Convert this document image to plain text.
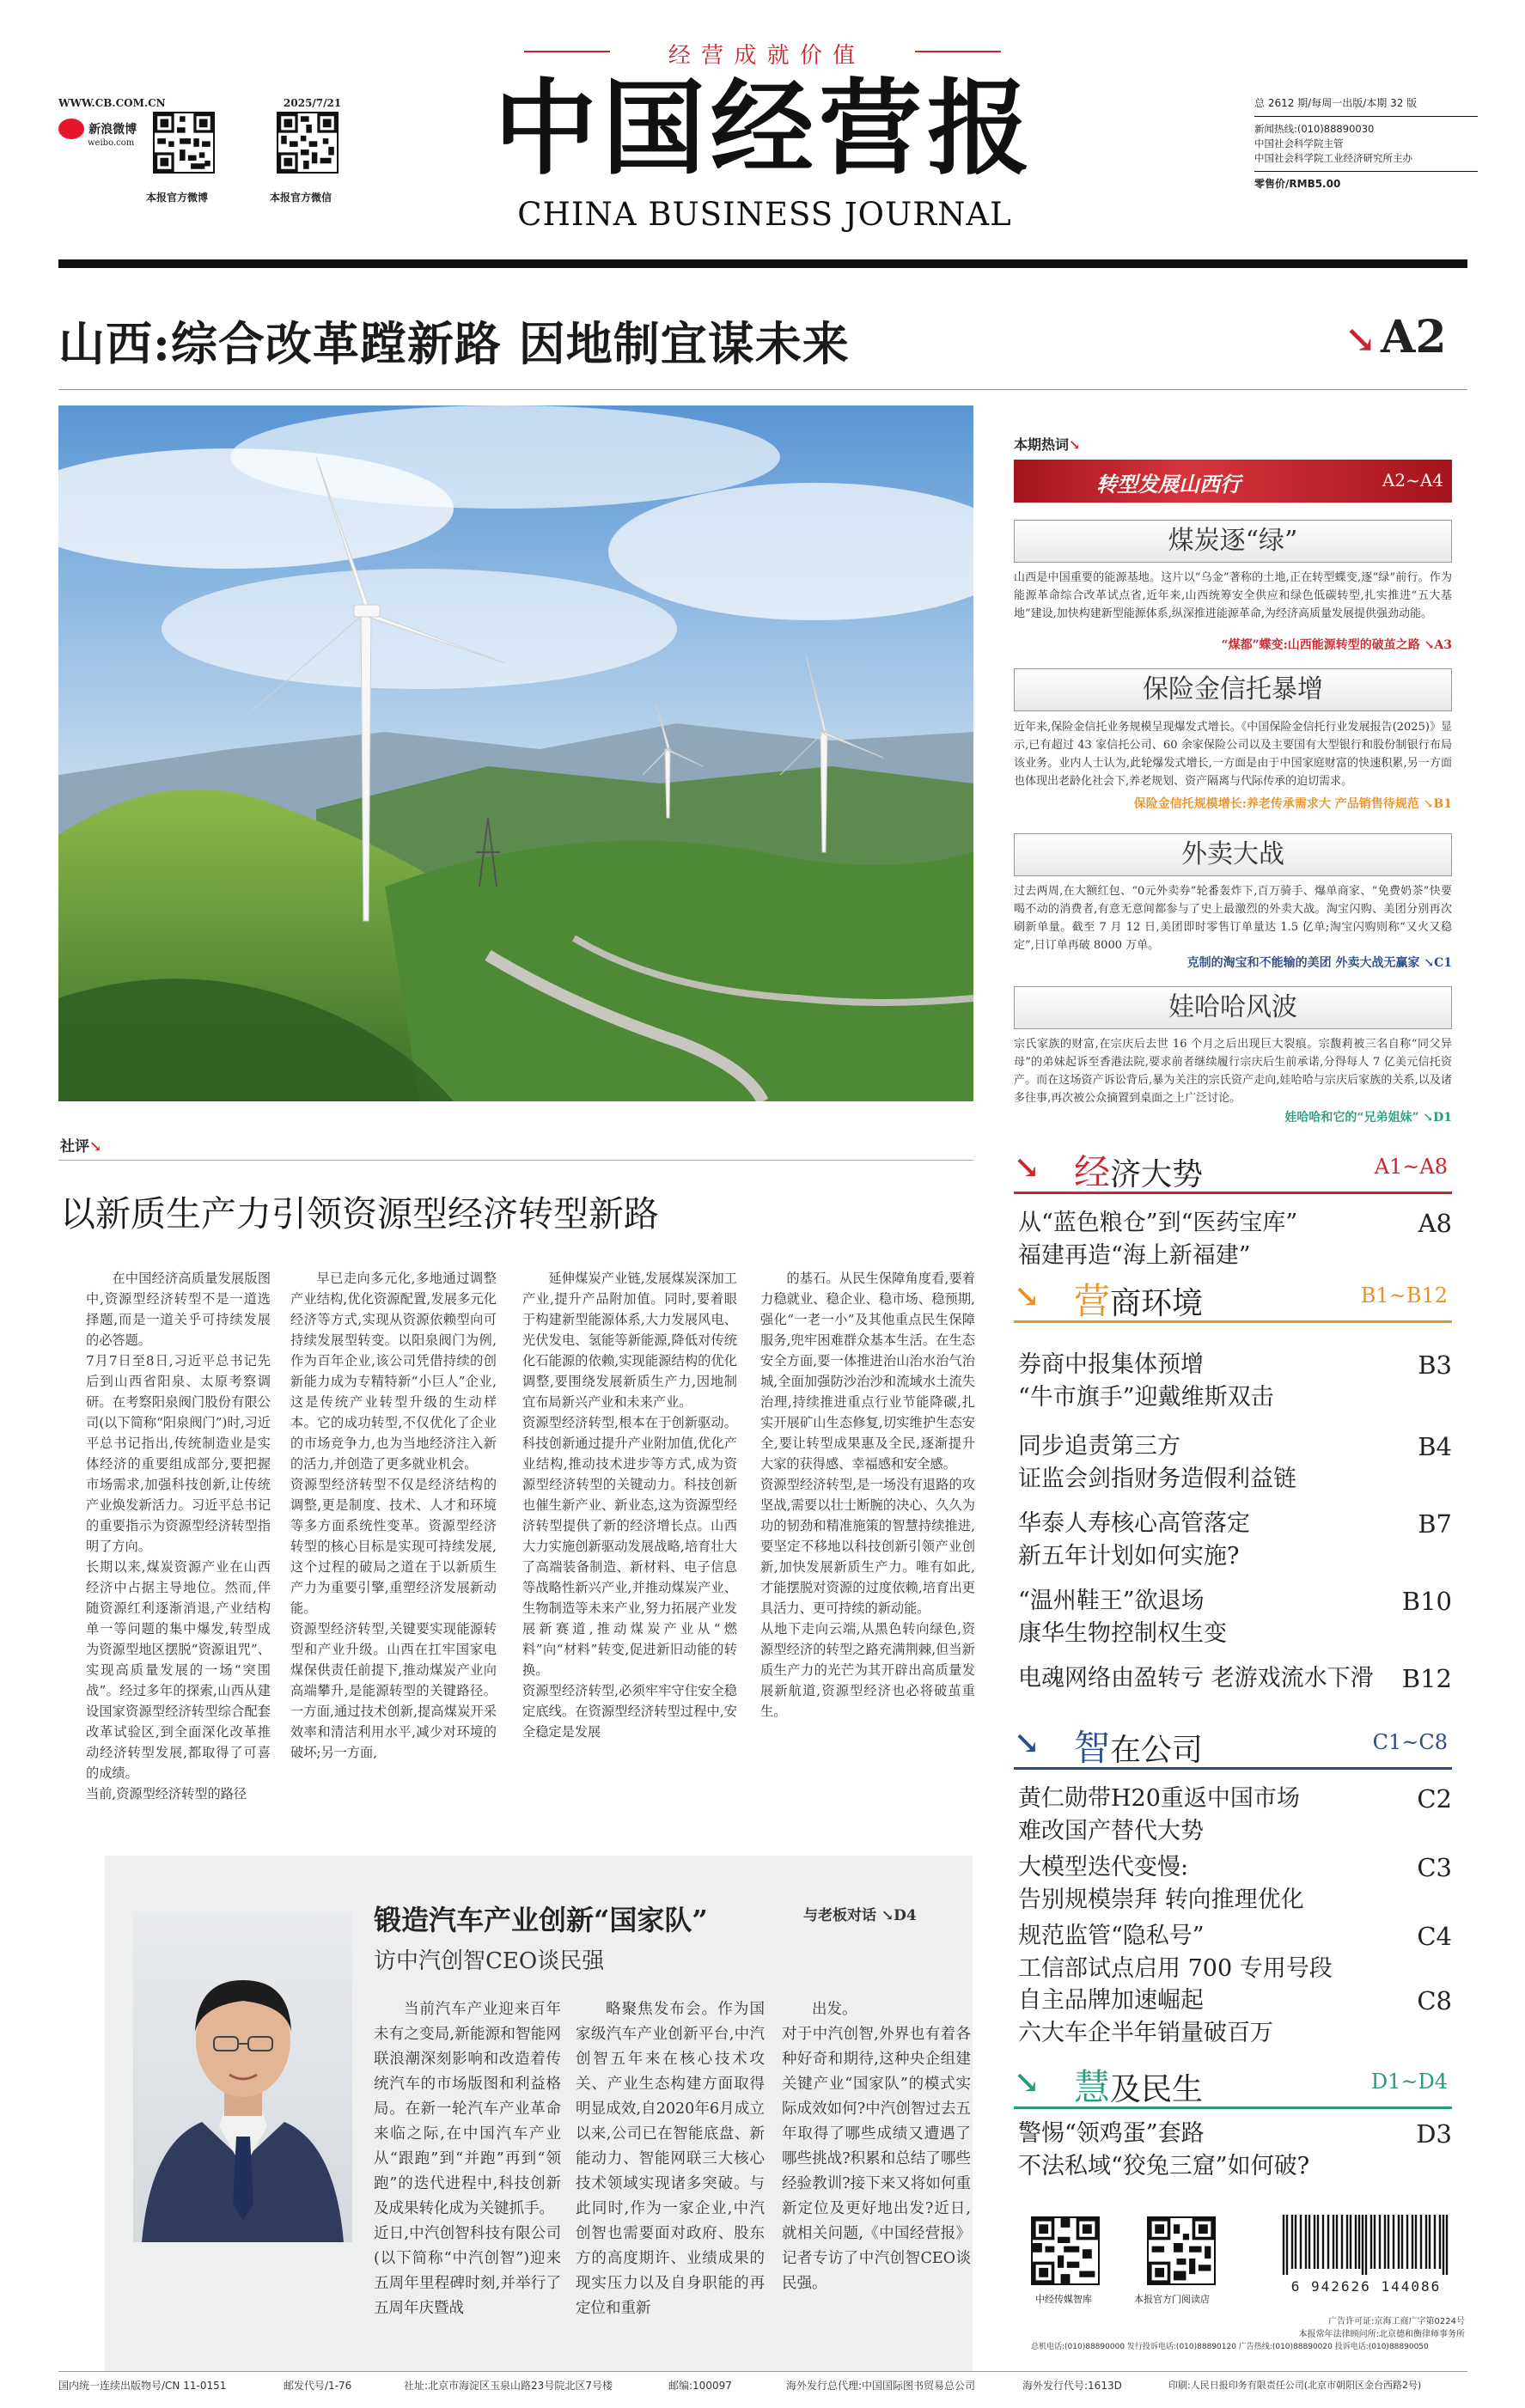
经 营 成 就 价 值
WWW.CB.COM.CN	2025/7/21
新浪微博
weibo.com
本报官方微博	本报官方微信
中国经营报
CHINA BUSINESS JOURNAL
总 2612 期/每周一出版/本期 32 版
新闻热线:(010)88890030
中国社会科学院主管
中国社会科学院工业经济研究所主办
零售价/RMB5.00
山西:综合改革蹚新路 因地制宜谋未来	↘ A2
社评↘
以新质生产力引领资源型经济转型新路
在中国经济高质量发展版图中,资源型经济转型不是一道选择题,而是一道关乎可持续发展的必答题。
7月7日至8日,习近平总书记先后到山西省阳泉、太原考察调研。在考察阳泉阀门股份有限公司(以下简称“阳泉阀门”)时,习近平总书记指出,传统制造业是实体经济的重要组成部分,要把握市场需求,加强科技创新,让传统产业焕发新活力。习近平总书记的重要指示为资源型经济转型指明了方向。
长期以来,煤炭资源产业在山西经济中占据主导地位。然而,伴随资源红利逐渐消退,产业结构单一等问题的集中爆发,转型成为资源型地区摆脱“资源诅咒”、实现高质量发展的一场“突围战”。经过多年的探索,山西从建设国家资源型经济转型综合配套改革试验区,到全面深化改革推动经济转型发展,都取得了可喜的成绩。
当前,资源型经济转型的路径
早已走向多元化,多地通过调整产业结构,优化资源配置,发展多元化经济等方式,实现从资源依赖型向可持续发展型转变。以阳泉阀门为例,作为百年企业,该公司凭借持续的创新能力成为专精特新“小巨人”企业,这是传统产业转型升级的生动样本。它的成功转型,不仅优化了企业的市场竞争力,也为当地经济注入新的活力,并创造了更多就业机会。
资源型经济转型不仅是经济结构的调整,更是制度、技术、人才和环境等多方面系统性变革。资源型经济转型的核心目标是实现可持续发展,这个过程的破局之道在于以新质生产力为重要引擎,重塑经济发展新动能。
资源型经济转型,关键要实现能源转型和产业升级。山西在扛牢国家电煤保供责任前提下,推动煤炭产业向高端攀升,是能源转型的关键路径。一方面,通过技术创新,提高煤炭开采效率和清洁利用水平,减少对环境的破坏;另一方面,
延伸煤炭产业链,发展煤炭深加工产业,提升产品附加值。同时,要着眼于构建新型能源体系,大力发展风电、光伏发电、氢能等新能源,降低对传统化石能源的依赖,实现能源结构的优化调整,要围绕发展新质生产力,因地制宜布局新兴产业和未来产业。
资源型经济转型,根本在于创新驱动。科技创新通过提升产业附加值,优化产业结构,推动技术进步等方式,成为资源型经济转型的关键动力。科技创新也催生新产业、新业态,这为资源型经济转型提供了新的经济增长点。山西大力实施创新驱动发展战略,培育壮大了高端装备制造、新材料、电子信息等战略性新兴产业,并推动煤炭产业、生物制造等未来产业,努力拓展产业发展新赛道,推动煤炭产业从“燃料”向“材料”转变,促进新旧动能的转换。
资源型经济转型,必须牢牢守住安全稳定底线。在资源型经济转型过程中,安全稳定是发展
的基石。从民生保障角度看,要着力稳就业、稳企业、稳市场、稳预期,强化“一老一小”及其他重点民生保障服务,兜牢困难群众基本生活。在生态安全方面,要一体推进治山治水治气治城,全面加强防沙治沙和流域水土流失治理,持续推进重点行业节能降碳,扎实开展矿山生态修复,切实维护生态安全,要让转型成果惠及全民,逐渐提升大家的获得感、幸福感和安全感。
资源型经济转型,是一场没有退路的攻坚战,需要以壮士断腕的决心、久久为功的韧劲和精准施策的智慧持续推进,要坚定不移地以科技创新引领产业创新,加快发展新质生产力。唯有如此,才能摆脱对资源的过度依赖,培育出更具活力、更可持续的新动能。
从地下走向云端,从黑色转向绿色,资源型经济的转型之路充满荆棘,但当新质生产力的光芒为其开辟出高质量发展新航道,资源型经济也必将破茧重生。
锻造汽车产业创新“国家队”
访中汽创智CEO谈民强
与老板对话 ↘D4
当前汽车产业迎来百年未有之变局,新能源和智能网联浪潮深刻影响和改造着传统汽车的市场版图和利益格局。在新一轮汽车产业革命来临之际,在中国汽车产业从“跟跑”到“并跑”再到“领跑”的迭代进程中,科技创新及成果转化成为关键抓手。
近日,中汽创智科技有限公司(以下简称“中汽创智”)迎来五周年里程碑时刻,并举行了五周年庆暨战
略聚焦发布会。作为国家级汽车产业创新平台,中汽创智五年来在核心技术攻关、产业生态构建方面取得明显成效,自2020年6月成立以来,公司已在智能底盘、新能动力、智能网联三大核心技术领域实现诸多突破。与此同时,作为一家企业,中汽创智也需要面对政府、股东方的高度期许、业绩成果的现实压力以及自身职能的再定位和重新
出发。
对于中汽创智,外界也有着各种好奇和期待,这种央企组建关键产业“国家队”的模式实际成效如何?中汽创智过去五年取得了哪些成绩又遭遇了哪些挑战?积累和总结了哪些经验教训?接下来又将如何重新定位及更好地出发?近日,就相关问题,《中国经营报》记者专访了中汽创智CEO谈民强。
本期热词↘
转型发展山西行	A2~A4
煤炭逐“绿”
山西是中国重要的能源基地。这片以“乌金”著称的土地,正在转型蝶变,逐“绿”前行。作为能源革命综合改革试点省,近年来,山西统筹安全供应和绿色低碳转型,扎实推进“五大基地”建设,加快构建新型能源体系,纵深推进能源革命,为经济高质量发展提供强劲动能。
“煤都”蝶变:山西能源转型的破茧之路 ↘A3
保险金信托暴增
近年来,保险金信托业务规模呈现爆发式增长。《中国保险金信托行业发展报告(2025)》显示,已有超过 43 家信托公司、60 余家保险公司以及主要国有大型银行和股份制银行布局该业务。业内人士认为,此轮爆发式增长,一方面是由于中国家庭财富的快速积累,另一方面也体现出老龄化社会下,养老规划、资产隔离与代际传承的迫切需求。
保险金信托规模增长:养老传承需求大 产品销售待规范 ↘B1
外卖大战
过去两周,在大额红包、“0元外卖券”轮番轰炸下,百万骑手、爆单商家、“免费奶茶”快要喝不动的消费者,有意无意间都参与了史上最激烈的外卖大战。淘宝闪购、美团分别再次刷新单量。截至 7 月 12 日,美团即时零售订单量达 1.5 亿单;淘宝闪购则称“又火又稳定”,日订单再破 8000 万单。
克制的淘宝和不能输的美团 外卖大战无赢家 ↘C1
娃哈哈风波
宗氏家族的财富,在宗庆后去世 16 个月之后出现巨大裂痕。宗馥莉被三名自称“同父异母”的弟妹起诉至香港法院,要求前者继续履行宗庆后生前承诺,分得每人 7 亿美元信托资产。而在这场资产诉讼背后,暴为关注的宗氏资产走向,娃哈哈与宗庆后家族的关系,以及诸多往事,再次被公众摘置到桌面之上广泛讨论。
娃哈哈和它的“兄弟姐妹” ↘D1
↘ 经济大势	A1~A8
从“蓝色粮仓”到“医药宝库”
福建再造“海上新福建”
A8
↘ 营商环境	B1~B12
券商中报集体预增
“牛市旗手”迎戴维斯双击
B3
同步追责第三方
证监会剑指财务造假利益链
B4
华泰人寿核心高管落定
新五年计划如何实施?
B7
“温州鞋王”欲退场
康华生物控制权生变
B10
电魂网络由盈转亏 老游戏流水下滑	B12
↘ 智在公司	C1~C8
黄仁勋带H20重返中国市场
难改国产替代大势
C2
大模型迭代变慢:
告别规模崇拜 转向推理优化
C3
规范监管“隐私号”
工信部试点启用 700 专用号段
C4
自主品牌加速崛起
六大车企半年销量破百万
C8
↘ 慧及民生	D1~D4
警惕“领鸡蛋”套路
不法私域“狡兔三窟”如何破?
D3
中经传媒智库	本报官方门阅读店
6 942626 144086
广告许可证:京海工商广字第0224号
本报常年法律顾问所:北京德和衡律师事务所
总机电话:(010)88890000 发行投诉电话:(010)88890120 广告热线:(010)88890020 投诉电话:(010)88890050
国内统一连续出版物号/CN 11-0151	邮发代号/1-76	社址:北京市海淀区玉泉山路23号院北区7号楼	邮编:100097	海外发行总代理:中国国际图书贸易总公司	海外发行代号:1613D	印刷:人民日报印务有限责任公司(北京市朝阳区金台西路2号)
